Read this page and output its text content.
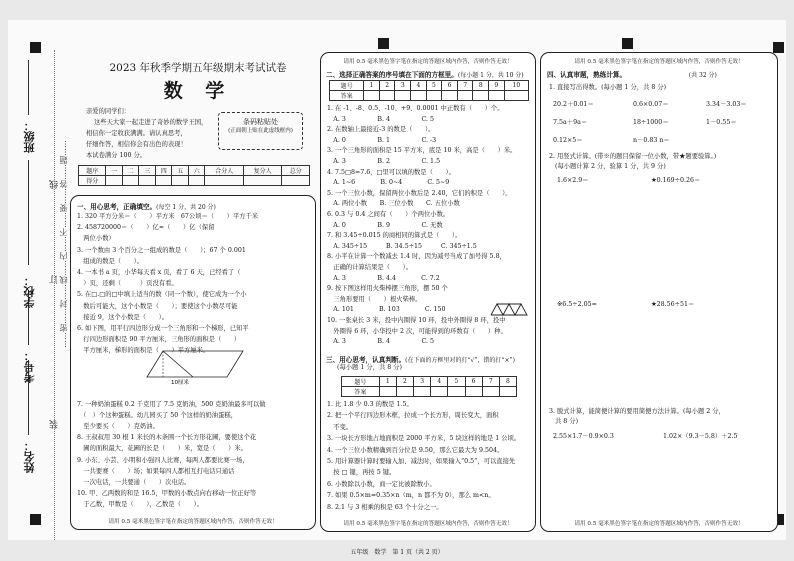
姓名：
考号：
学校：
班级：
装
订
线 ……密……封……线……内……不……要……答……题……
2023 年秋季学期五年级期末考试试卷
数 学
亲爱的同学们：
这些天大家一起走进了奇妙的数学王国，
相信你一定收获满满。请认真思考，
仔细作答，相信你会有出色的表现！
本试卷满分 100 分。
条码粘贴处
(正面朝上贴在此虚线框内)
题序	一	二	三	四	五	六	合分人	复分人	总分
得分									
一、用心思考，正确填空。(每空 1 分，共 20 分)
1. 320 平方分米＝（　　）平方米　67公顷＝（　　）平方千米
2. 458720000＝（　　）亿≈（　　）亿（保留
　两位小数）
3. 一个数由 3 个百分之一组成的数是（　　）；67 个 0.001
　组成的数是（　　）。
4. 一本书 a 页，小华每天看 x 页，看了 6 天，已经看了（
　）页，还剩（　　　）页没有看。
5. 在□.□的□中填上适当的数（同一个数），使它成为一个小
　数后可能大，这个小数是（　　）；要使这个小数尽可能
　接近 9，这个小数是（　　）。
6. 如下图，用平行四边形分成一个三角形和一个梯形，已知平
　行四边形面积是 90 平方厘米，三角形的面积是（　　）
　平方厘米，梯形的面积是（　　）平方厘米。
7. 一种奶油蛋糕 0.2 千克用了 7.5 克奶油，500 克奶油最多可以做
　（　）个这种蛋糕。幼儿园买了 50 个这样的奶油蛋糕，
　至少要买（　　）克奶油。
8. 王叔叔用 30 根 1 米长的木条围一个长方形花圃，要使这个花
　圃的面积最大，花圃的长是（　　）米，宽是（　　）米。
9. 小东、小芸、小明和小强四人比赛，每两人都要比赛一场，
　一共要赛（　　）场；如果每四人都相互打电话只通话
　一次电话，一共要通（　　）次电话。
10. 甲、乙两数的和是 16.5，甲数的小数点向右移动一位正好等
　于乙数，甲数是（　　），乙数是（　　）。
10厘米
请用 0.5 毫米黑色签字笔在指定的答题区域内作答，否则作答无效！
请用 0.5 毫米黑色签字笔在指定的答题区域内作答，否则作答无效！
二、选择正确答案的序号填在下面的方框里。(每小题 1 分，共 10 分)
题号	1	2	3	4	5	6	7	8	9	10
答案										
1. 在 -1、-8、0.5、-10、+9、0.0001 中正数有（　　）个。
　A. 3　　　　　B. 4　　　　　C. 5
2. 在数轴上最接近-3 的数是（　　）。
　A. 0　　　　　B. 1　　　　　C. -3
3. 一个三角形的面积是 15 平方米，底是 10 米，高是（　　）米。
　A. 3　　　　　B. 2　　　　　C. 1.5
4. 7.5□8≈7.6，□里可以填的数是（　　）。
　A. 1~6　　　　B. 0~4　　　　C. 5~9
5. 一个三位小数，保留两位小数后是 2.40，它们的积是（　　）。
　A. 两位小数　　B. 三位小数　　C. 五位小数
6. 0.3 与 0.4 之间有（　　）个两位小数。
　A. 0　　　　　B. 9　　　　　C. 无数
7. 和 3.45÷0.015 的商相同的算式是（　　）。
　A. 345÷15　　　B. 34.5÷15　　　C. 345÷1.5
8. 小平在计算一个数减去 1.4 时，因为减号当成了加号得 5.8，
　正确的计算结果是（　　）。
　A. 3　　　　　B. 4.4　　　　C. 7.2
9. 按下图这样用火柴棒摆三角形，摆 50 个
　三角形要用（　　）根火柴棒。
　A. 101　　　　B. 103　　　　C. 150
10. 一张桌长 3 米，投中内圈得 10 环，投中外圈得 8 环，投中
　外圈得 6 环，小华投中 2 次，可能得到的环数有（　　）种。
　A. 3　　　　　B. 4　　　　　C. 5
三、用心思考，认真判断。(在下面的方框里对的打“√”，错的打“×”)
(每小题 1 分，共 8 分)
题号	1	2	3	4	5	6	7	8
答案								
1. 比 1.8 少 0.3 的数是 1.5。
2. 把一个平行四边形木框，拉成一个长方形，周长变大，面积
　不变。
3. 一块长方形地占地面积是 2000 平方米，5 块这样的地是 1 公顷。
4. 一个三位小数精确到百分位是 9.50，那么它最大为 9.504。
5. 用计算器计算时要输入加、减法时，如果输入“0.5”，可以直接先
　按 □ 键，再按 5 键。
6. 小数除以小数，商一定比被除数小。
7. 如果 0.5×m=0.35×n（m，n 都不为 0），那么 m<n。
8. 2.1 与 3 相乘的积是 63 个十分之一。
请用 0.5 毫米黑色签字笔在指定的答题区域内作答，否则作答无效！
请用 0.5 毫米黑色签字笔在指定的答题区域内作答，否则作答无效！
四、认真审题，熟练计算。　　　　　　　　　　	(共 32 分)
1. 直接写出得数。(每小题 1 分，共 8 分)
20.2＋0.01＝	0.6×0.07＝	3.34－3.03＝
7.5a＋9a＝	18÷1000＝	1－0.55＝
0.12×5＝	n－0.83 n＝
2. 用竖式计算。(带※的题目保留一位小数，带★题要验算。)
(每小题计算 2 分，验算 1 分，共 9 分)
1.6×2.9＝	★0.169÷0.26＝
※6.5÷2.05≈	★28.56÷51＝
3. 脱式计算，能简便计算的要用简便方法计算。(每小题 2 分，
共 8 分)
2.55×1.7－0.9×0.3	1.02×（9.3－5.8）＋2.5
请用 0.5 毫米黑色签字笔在指定的答题区域内作答，否则作答无效！
五年级　数学　第 1 页（共 2 页）
